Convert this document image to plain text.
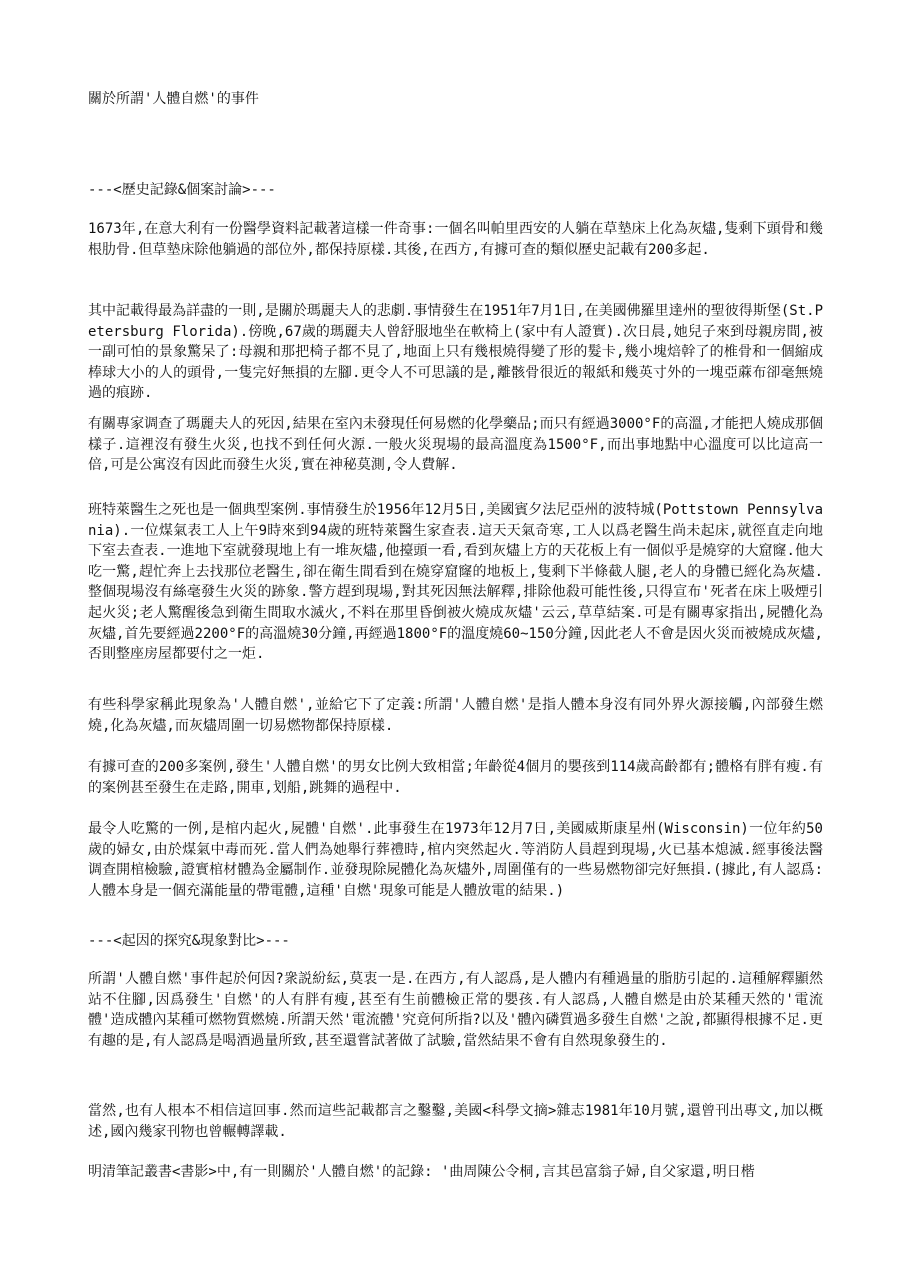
關於所謂'人體自燃'的事件

---<歷史記錄&個案討論>---

1673年,在意大利有一份醫學資料記載著這樣一件奇事:一個名叫帕里西安的人躺在草墊床上化為灰燼,隻剩下頭骨和幾根肋骨.但草墊床除他躺過的部位外,都保持原樣.其後,在西方,有據可查的類似歷史記載有200多起.

其中記載得最為詳盡的一則,是關於瑪麗夫人的悲劇.事情發生在1951年7月1日,在美國佛羅里達州的聖彼得斯堡(St.Petersburg Florida).傍晚,67歲的瑪麗夫人曾舒服地坐在軟椅上(家中有人證實).次日晨,她兒子來到母親房間,被一副可怕的景象驚呆了:母親和那把椅子都不見了,地面上只有幾根燒得變了形的髮卡,幾小塊焙幹了的椎骨和一個縮成棒球大小的人的頭骨,一隻完好無損的左腳.更令人不可思議的是,離骸骨很近的報紙和幾英寸外的一塊亞蔴布卻毫無燒過的痕跡.

有關專家调查了瑪麗夫人的死因,結果在室內未發現任何易燃的化學藥品;而只有經過3000°F的高溫,才能把人燒成那個樣子.這裡沒有發生火災,也找不到任何火源.一般火災現場的最高溫度為1500°F,而出事地點中心溫度可以比這高一倍,可是公寓沒有因此而發生火災,實在神秘莫測,令人費解.

班特萊醫生之死也是一個典型案例.事情發生於1956年12月5日,美國賓夕法尼亞州的波特城(Pottstown Pennsylvania).一位煤氣表工人上午9時來到94歲的班特萊醫生家查表.這天天氣奇寒,工人以爲老醫生尚未起床,就徑直走向地下室去查表.一進地下室就發現地上有一堆灰燼,他擡頭一看,看到灰燼上方的天花板上有一個似乎是燒穿的大窟窿.他大吃一驚,趕忙奔上去找那位老醫生,卻在衛生間看到在燒穿窟窿的地板上,隻剩下半條截人腿,老人的身體已經化為灰燼.整個現場沒有絲毫發生火災的跡象.警方趕到現場,對其死因無法解釋,排除他殺可能性後,只得宣布'死者在床上吸煙引起火災;老人驚醒後急到衛生間取水滅火,不料在那里昏倒被火燒成灰燼'云云,草草結案.可是有關專家指出,屍體化為灰燼,首先要經過2200°F的高溫燒30分鐘,再經過1800°F的溫度燒60~150分鐘,因此老人不會是因火災而被燒成灰燼,否則整座房屋都要付之一炬.

有些科學家稱此現象為'人體自燃',並給它下了定義:所謂'人體自燃'是指人體本身沒有同外界火源接觸,內部發生燃燒,化為灰燼,而灰燼周圍一切易燃物都保持原樣.

有據可查的200多案例,發生'人體自燃'的男女比例大致相當;年齡從4個月的嬰孩到114歲高齡都有;體格有胖有瘦.有的案例甚至發生在走路,開車,划船,跳舞的過程中.

最令人吃驚的一例,是棺内起火,屍體'自燃'.此事發生在1973年12月7日,美國威斯康星州(Wisconsin)一位年約50歲的婦女,由於煤氣中毒而死.當人們為她舉行葬禮時,棺内突然起火.等消防人員趕到現場,火已基本熄滅.經事後法醫调查開棺檢驗,證實棺材體為金屬制作.並發現除屍體化為灰燼外,周圍僅有的一些易燃物卻完好無損.(據此,有人認爲:人體本身是一個充滿能量的帶電體,這種'自燃'現象可能是人體放電的結果.)

---<起因的探究&現象對比>---

所謂'人體自燃'事件起於何因?衆説紛紜,莫衷一是.在西方,有人認爲,是人體内有種過量的脂肪引起的.這種解釋顯然站不住腳,因爲發生'自燃'的人有胖有瘦,甚至有生前體檢正常的嬰孩.有人認爲,人體自燃是由於某種天然的'電流體'造成體內某種可燃物質燃燒.所謂天然'電流體'究竟何所指?以及'體內磷質過多發生自燃'之說,都顯得根據不足.更有趣的是,有人認爲是喝酒過量所致,甚至還嘗試著做了試驗,當然結果不會有自然現象發生的.

當然,也有人根本不相信這回事.然而這些記載都言之鑿鑿,美國<科學文摘>雜志1981年10月號,還曾刊出專文,加以概述,國內幾家刊物也曾輾轉譯載.

明清筆記叢書<書影>中,有一則關於'人體自燃'的記錄: '曲周陳公令桐,言其邑富翁子婦,自父家還,明日楷
